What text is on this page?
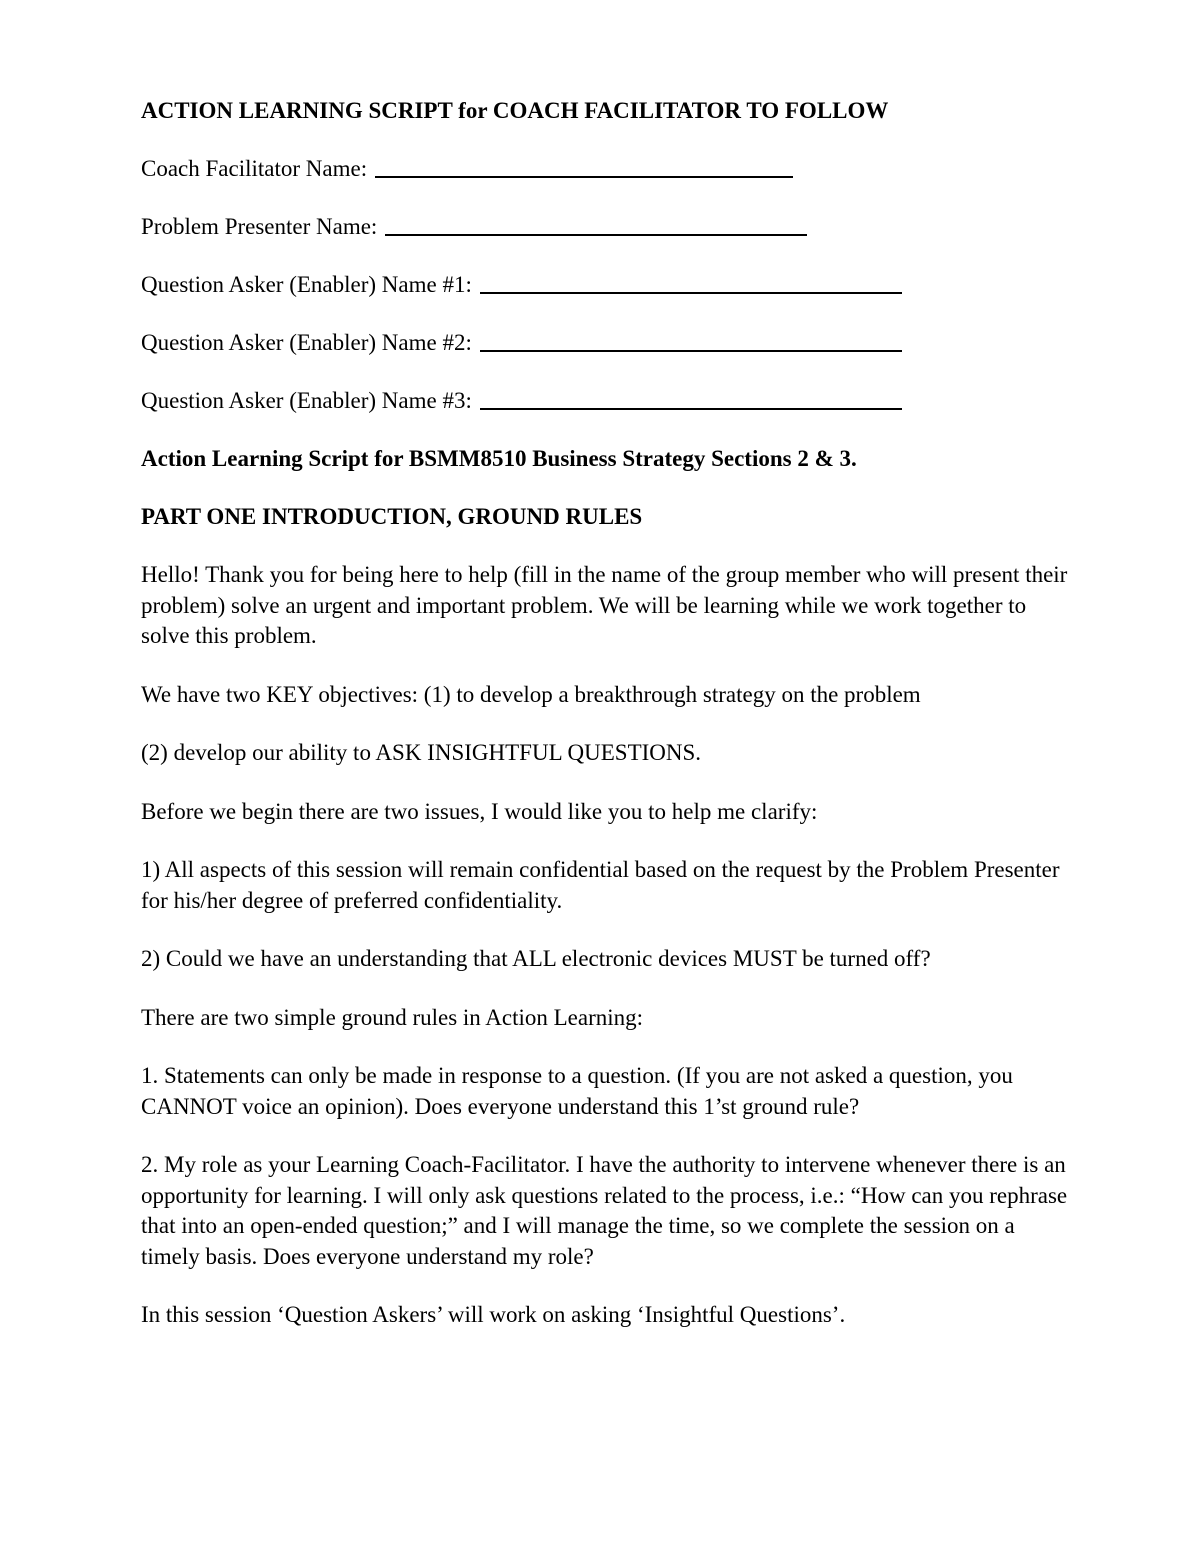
ACTION LEARNING SCRIPT for COACH FACILITATOR TO FOLLOW
Coach Facilitator Name:
Problem Presenter Name:
Question Asker (Enabler) Name #1:
Question Asker (Enabler) Name #2:
Question Asker (Enabler) Name #3:
Action Learning Script for BSMM8510 Business Strategy Sections 2 & 3.
PART ONE INTRODUCTION, GROUND RULES

Hello! Thank you for being here to help (fill in the name of the group member who will present their problem) solve an urgent and important problem. We will be learning while we work together to solve this problem.

We have two KEY objectives: (1) to develop a breakthrough strategy on the problem

(2) develop our ability to ASK INSIGHTFUL QUESTIONS.

Before we begin there are two issues, I would like you to help me clarify:

1) All aspects of this session will remain confidential based on the request by the Problem Presenter for his/her degree of preferred confidentiality.

2) Could we have an understanding that ALL electronic devices MUST be turned off?

There are two simple ground rules in Action Learning:

1. Statements can only be made in response to a question. (If you are not asked a question, you CANNOT voice an opinion). Does everyone understand this 1’st ground rule?

2. My role as your Learning Coach-Facilitator. I have the authority to intervene whenever there is an opportunity for learning. I will only ask questions related to the process, i.e.: “How can you rephrase that into an open-ended question;” and I will manage the time, so we complete the session on a timely basis. Does everyone understand my role?

In this session ‘Question Askers’ will work on asking ‘Insightful Questions’.
